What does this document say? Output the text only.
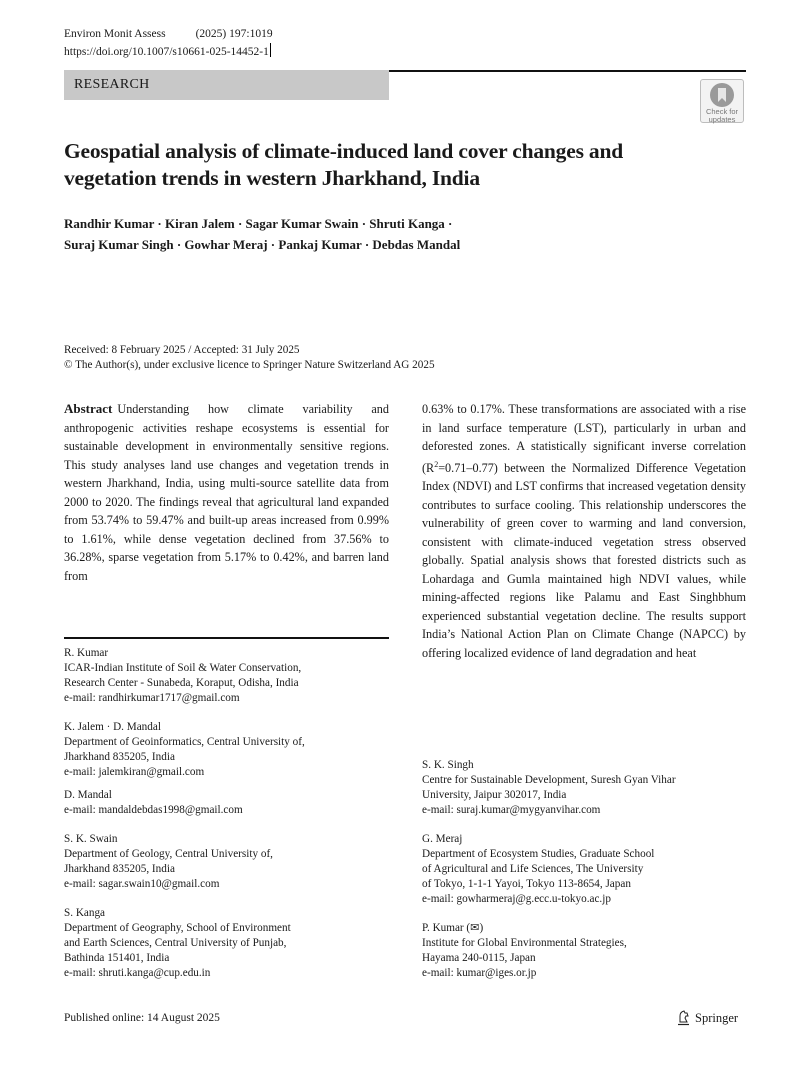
Environ Monit Assess	(2025) 197:1019
https://doi.org/10.1007/s10661-025-14452-1
RESEARCH
Check for
updates
Geospatial analysis of climate-induced land cover changes and vegetation trends in western Jharkhand, India
Randhir Kumar · Kiran Jalem · Sagar Kumar Swain · Shruti Kanga ·
Suraj Kumar Singh · Gowhar Meraj · Pankaj Kumar · Debdas Mandal
Received: 8 February 2025 / Accepted: 31 July 2025
© The Author(s), under exclusive licence to Springer Nature Switzerland AG 2025
Abstract Understanding how climate variability and anthropogenic activities reshape ecosystems is essential for sustainable development in environmentally sensitive regions. This study analyses land use changes and vegetation trends in western Jharkhand, India, using multi-source satellite data from 2000 to 2020. The findings reveal that agricultural land expanded from 53.74% to 59.47% and built-up areas increased from 0.99% to 1.61%, while dense vegetation declined from 37.56% to 36.28%, sparse vegetation from 5.17% to 0.42%, and barren land from
0.63% to 0.17%. These transformations are associated with a rise in land surface temperature (LST), particularly in urban and deforested zones. A statistically significant inverse correlation $(R^2=0.71-0.77)$ between the Normalized Difference Vegetation Index (NDVI) and LST confirms that increased vegetation density contributes to surface cooling. This relationship underscores the vulnerability of green cover to warming and land conversion, consistent with climate-induced vegetation stress observed globally. Spatial analysis shows that forested districts such as Lohardaga and Gumla maintained high NDVI values, while mining-affected regions like Palamu and East Singhbhum experienced substantial vegetation decline. The results support India’s National Action Plan on Climate Change (NAPCC) by offering localized evidence of land degradation and heat
R. Kumar
ICAR-Indian Institute of Soil & Water Conservation,
Research Center - Sunabeda, Koraput, Odisha, India
e-mail: randhirkumar1717@gmail.com
K. Jalem · D. Mandal
Department of Geoinformatics, Central University of,
Jharkhand 835205, India
e-mail: jalemkiran@gmail.com
D. Mandal
e-mail: mandaldebdas1998@gmail.com
S. K. Swain
Department of Geology, Central University of,
Jharkhand 835205, India
e-mail: sagar.swain10@gmail.com
S. Kanga
Department of Geography, School of Environment
and Earth Sciences, Central University of Punjab,
Bathinda 151401, India
e-mail: shruti.kanga@cup.edu.in
S. K. Singh
Centre for Sustainable Development, Suresh Gyan Vihar
University, Jaipur 302017, India
e-mail: suraj.kumar@mygyanvihar.com
G. Meraj
Department of Ecosystem Studies, Graduate School
of Agricultural and Life Sciences, The University
of Tokyo, 1-1-1 Yayoi, Tokyo 113-8654, Japan
e-mail: gowharmeraj@g.ecc.u-tokyo.ac.jp
P. Kumar (✉)
Institute for Global Environmental Strategies,
Hayama 240-0115, Japan
e-mail: kumar@iges.or.jp
Published online: 14 August 2025	Springer
